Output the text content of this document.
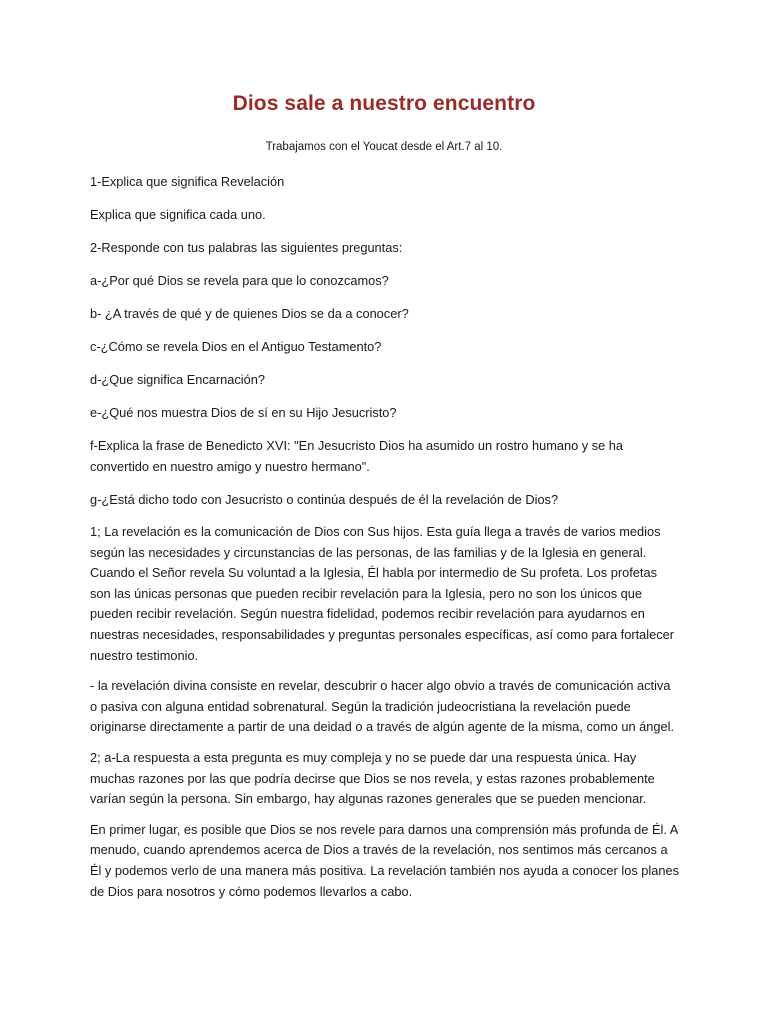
Dios sale a nuestro encuentro

Trabajamos con el Youcat desde el Art.7 al 10.

1-Explica que significa Revelación

Explica que significa cada uno.

2-Responde con tus palabras las siguientes preguntas:

a-¿Por qué Dios se revela para que lo conozcamos?

b- ¿A través de qué y de quienes Dios se da a conocer?

c-¿Cómo se revela Dios en el Antiguo Testamento?

d-¿Que significa Encarnación?

e-¿Qué nos muestra Dios de sí en su Hijo Jesucristo?

f-Explica la frase de Benedicto XVI: "En Jesucristo Dios ha asumido un rostro humano y se ha convertido en nuestro amigo y nuestro hermano".

g-¿Está dicho todo con Jesucristo o continúa después de él la revelación de Dios?

1; La revelación es la comunicación de Dios con Sus hijos. Esta guía llega a través de varios medios según las necesidades y circunstancias de las personas, de las familias y de la Iglesia en general. Cuando el Señor revela Su voluntad a la Iglesia, Él habla por intermedio de Su profeta. Los profetas son las únicas personas que pueden recibir revelación para la Iglesia, pero no son los únicos que pueden recibir revelación. Según nuestra fidelidad, podemos recibir revelación para ayudarnos en nuestras necesidades, responsabilidades y preguntas personales específicas, así como para fortalecer nuestro testimonio.

- la revelación divina consiste en revelar, descubrir o hacer algo obvio a través de comunicación activa o pasiva con alguna entidad sobrenatural. Según la tradición judeocristiana la revelación puede originarse directamente a partir de una deidad o a través de algún agente de la misma, como un ángel.

2; a-La respuesta a esta pregunta es muy compleja y no se puede dar una respuesta única. Hay muchas razones por las que podría decirse que Dios se nos revela, y estas razones probablemente varían según la persona. Sin embargo, hay algunas razones generales que se pueden mencionar.

En primer lugar, es posible que Dios se nos revele para darnos una comprensión más profunda de Él. A menudo, cuando aprendemos acerca de Dios a través de la revelación, nos sentimos más cercanos a Él y podemos verlo de una manera más positiva. La revelación también nos ayuda a conocer los planes de Dios para nosotros y cómo podemos llevarlos a cabo.
